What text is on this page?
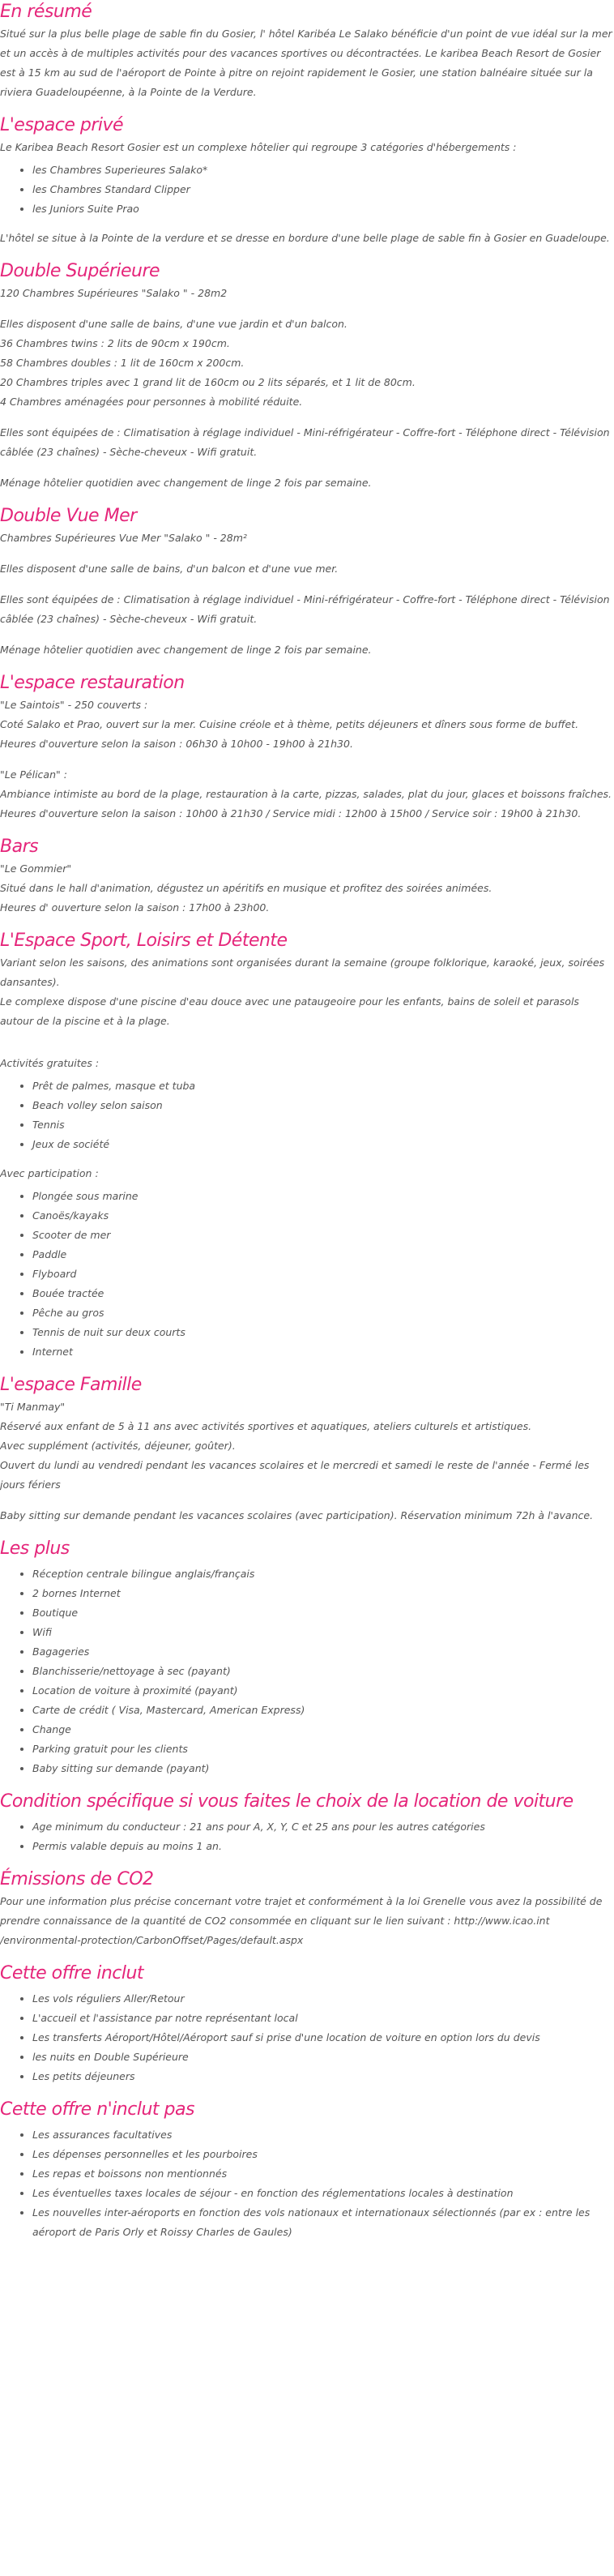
En résumé

Situé sur la plus belle plage de sable fin du Gosier, l' hôtel Karibéa Le Salako bénéficie d'un point de vue idéal sur la mer et un accès à de multiples activités pour des vacances sportives ou décontractées. Le karibea Beach Resort de Gosier est à 15 km au sud de l'aéroport de Pointe à pitre on rejoint rapidement le Gosier, une station balnéaire située sur la riviera Guadeloupéenne, à la Pointe de la Verdure.

L'espace privé

Le Karibea Beach Resort Gosier est un complexe hôtelier qui regroupe 3 catégories d'hébergements :

• les Chambres Superieures Salako*
• les Chambres Standard Clipper
• les Juniors Suite Prao

L'hôtel se situe à la Pointe de la verdure et se dresse en bordure d'une belle plage de sable fin à Gosier en Guadeloupe.

Double Supérieure

120 Chambres Supérieures "Salako " - 28m2

Elles disposent d'une salle de bains, d'une vue jardin et d'un balcon.
36 Chambres twins : 2 lits de 90cm x 190cm.
58 Chambres doubles : 1 lit de 160cm x 200cm.
20 Chambres triples avec 1 grand lit de 160cm ou 2 lits séparés, et 1 lit de 80cm.
4 Chambres aménagées pour personnes à mobilité réduite.

Elles sont équipées de : Climatisation à réglage individuel - Mini-réfrigérateur - Coffre-fort - Téléphone direct - Télévision câblée (23 chaînes) - Sèche-cheveux - Wifi gratuit.

Ménage hôtelier quotidien avec changement de linge 2 fois par semaine.

Double Vue Mer

Chambres Supérieures Vue Mer "Salako " - 28m²

Elles disposent d'une salle de bains, d'un balcon et d'une vue mer.

Elles sont équipées de : Climatisation à réglage individuel - Mini-réfrigérateur - Coffre-fort - Téléphone direct - Télévision câblée (23 chaînes) - Sèche-cheveux - Wifi gratuit.

Ménage hôtelier quotidien avec changement de linge 2 fois par semaine.

L'espace restauration

"Le Saintois" - 250 couverts :
Coté Salako et Prao, ouvert sur la mer. Cuisine créole et à thème, petits déjeuners et dîners sous forme de buffet.
Heures d'ouverture selon la saison : 06h30 à 10h00 - 19h00 à 21h30.

"Le Pélican" :
Ambiance intimiste au bord de la plage, restauration à la carte, pizzas, salades, plat du jour, glaces et boissons fraîches.
Heures d'ouverture selon la saison : 10h00 à 21h30 / Service midi : 12h00 à 15h00 / Service soir : 19h00 à 21h30.

Bars

"Le Gommier"
Situé dans le hall d'animation, dégustez un apéritifs en musique et profitez des soirées animées.
Heures d' ouverture selon la saison : 17h00 à 23h00.

L'Espace Sport, Loisirs et Détente

Variant selon les saisons, des animations sont organisées durant la semaine (groupe folklorique, karaoké, jeux, soirées dansantes).
Le complexe dispose d'une piscine d'eau douce avec une pataugeoire pour les enfants, bains de soleil et parasols autour de la piscine et à la plage.

Activités gratuites :

• Prêt de palmes, masque et tuba
• Beach volley selon saison
• Tennis
• Jeux de société

Avec participation :

• Plongée sous marine
• Canoës/kayaks
• Scooter de mer
• Paddle
• Flyboard
• Bouée tractée
• Pêche au gros
• Tennis de nuit sur deux courts
• Internet
L'espace Famille

"Ti Manmay"
Réservé aux enfant de 5 à 11 ans avec activités sportives et aquatiques, ateliers culturels et artistiques.
Avec supplément (activités, déjeuner, goûter).
Ouvert du lundi au vendredi pendant les vacances scolaires et le mercredi et samedi le reste de l'année - Fermé les jours fériers

Baby sitting sur demande pendant les vacances scolaires (avec participation). Réservation minimum 72h à l'avance.

Les plus
• Réception centrale bilingue anglais/français
• 2 bornes Internet
• Boutique
• Wifi
• Bagageries
• Blanchisserie/nettoyage à sec (payant)
• Location de voiture à proximité (payant)
• Carte de crédit ( Visa, Mastercard, American Express)
• Change
• Parking gratuit pour les clients
• Baby sitting sur demande (payant)
Condition spécifique si vous faites le choix de la location de voiture
• Age minimum du conducteur : 21 ans pour A, X, Y, C et 25 ans pour les autres catégories
• Permis valable depuis au moins 1 an.
Émissions de CO2

Pour une information plus précise concernant votre trajet et conformément à la loi Grenelle vous avez la possibilité de prendre connaissance de la quantité de CO2 consommée en cliquant sur le lien suivant : http://www.icao.int /environmental-protection/CarbonOffset/Pages/default.aspx

Cette offre inclut
• Les vols réguliers Aller/Retour
• L'accueil et l'assistance par notre représentant local
• Les transferts Aéroport/Hôtel/Aéroport sauf si prise d'une location de voiture en option lors du devis
• les nuits en Double Supérieure
• Les petits déjeuners
Cette offre n'inclut pas
• Les assurances facultatives
• Les dépenses personnelles et les pourboires
• Les repas et boissons non mentionnés
• Les éventuelles taxes locales de séjour - en fonction des réglementations locales à destination
• Les nouvelles inter-aéroports en fonction des vols nationaux et internationaux sélectionnés (par ex : entre les aéroport de Paris Orly et Roissy Charles de Gaules)
